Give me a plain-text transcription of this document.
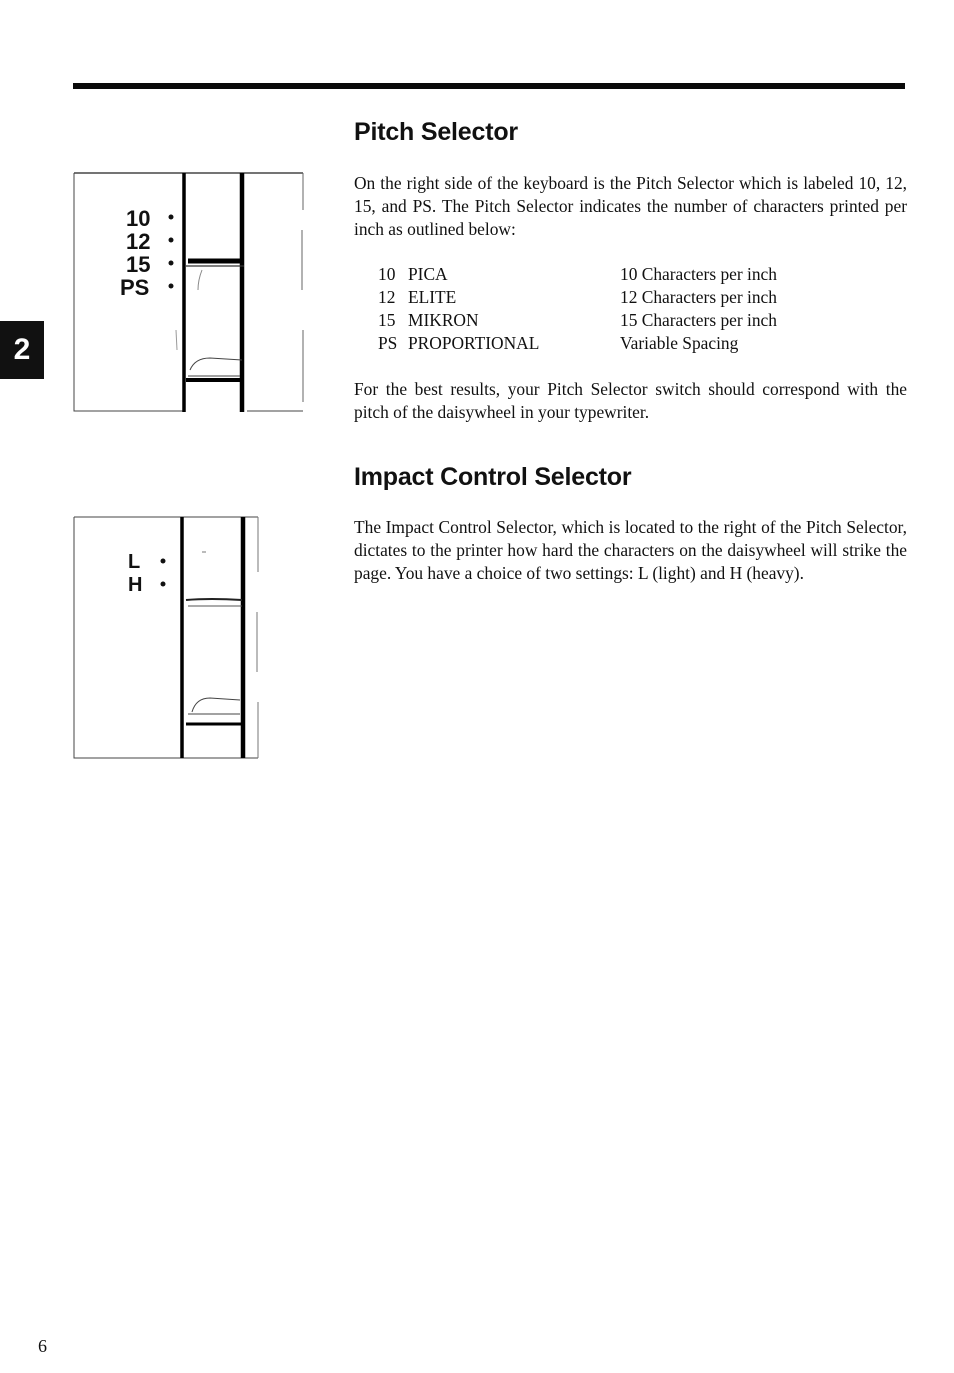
2
10
12
15
PS
L
H
Pitch Selector

On the right side of the keyboard is the Pitch Selector which is labeled 10, 12, 15, and PS. The Pitch Selector indicates the number of characters printed per inch as outlined below:

10	PICA	10 Characters per inch
12	ELITE	12 Characters per inch
15	MIKRON	15 Characters per inch
PS	PROPORTIONAL	Variable Spacing

For the best results, your Pitch Selector switch should correspond with the pitch of the daisywheel in your typewriter.

Impact Control Selector

The Impact Control Selector, which is located to the right of the Pitch Selector, dictates to the printer how hard the characters on the daisywheel will strike the page. You have a choice of two settings: L (light) and H (heavy).

6
